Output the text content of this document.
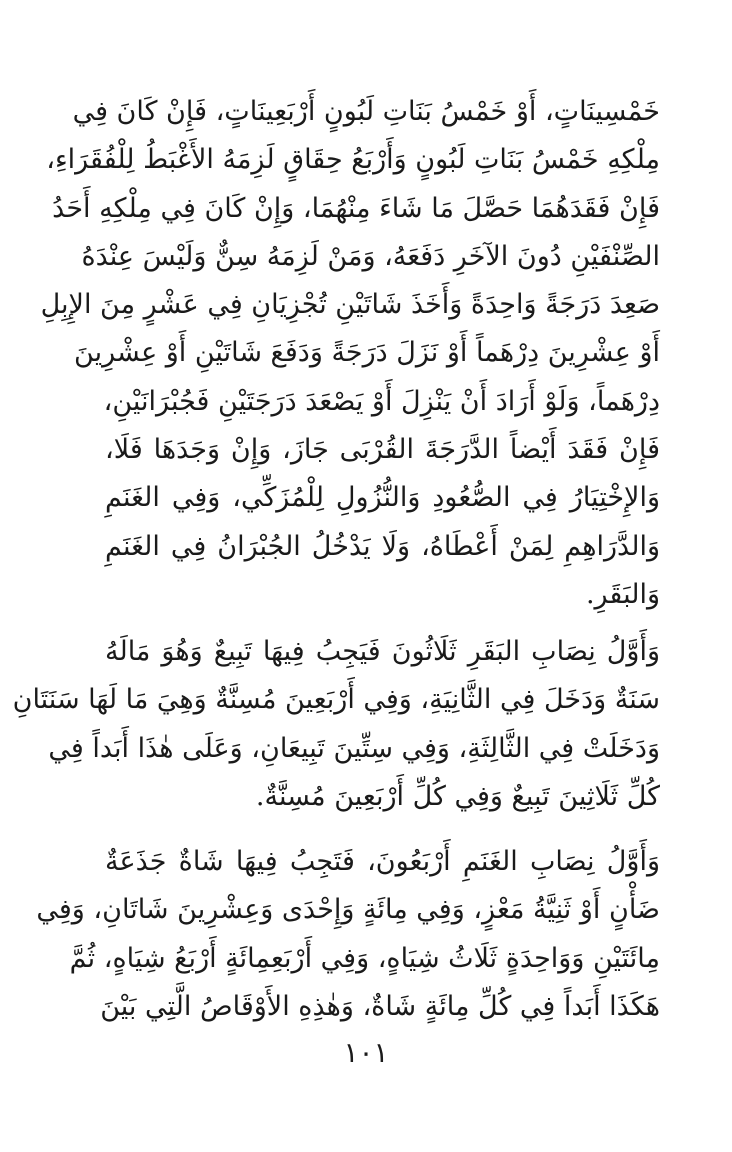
خَمْسِينَاتٍ، أَوْ خَمْسُ بَنَاتِ لَبُونٍ أَرْبَعِينَاتٍ، فَإِنْ كَانَ فِي
مِلْكِهِ خَمْسُ بَنَاتِ لَبُونٍ وَأَرْبَعُ حِقَاقٍ لَزِمَهُ الأَغْبَطُ لِلْفُقَرَاءِ،
فَإِنْ فَقَدَهُمَا حَصَّلَ مَا شَاءَ مِنْهُمَا، وَإِنْ كَانَ فِي مِلْكِهِ أَحَدُ
الصِّنْفَيْنِ دُونَ الآخَرِ دَفَعَهُ، وَمَنْ لَزِمَهُ سِنٌّ وَلَيْسَ عِنْدَهُ
صَعِدَ دَرَجَةً وَاحِدَةً وَأَخَذَ شَاتَيْنِ تُجْزِيَانِ فِي عَشْرٍ مِنَ الإِبِلِ
أَوْ عِشْرِينَ دِرْهَماً أَوْ نَزَلَ دَرَجَةً وَدَفَعَ شَاتَيْنِ أَوْ عِشْرِينَ
دِرْهَماً، وَلَوْ أَرَادَ أَنْ يَنْزِلَ أَوْ يَصْعَدَ دَرَجَتَيْنِ فَجُبْرَانَيْنِ،
فَإِنْ فَقَدَ أَيْضاً الدَّرَجَةَ القُرْبَى جَازَ، وَإِنْ وَجَدَهَا فَلَا،
وَالإِخْتِيَارُ فِي الصُّعُودِ وَالنُّزُولِ لِلْمُزَكِّي، وَفِي الغَنَمِ
وَالدَّرَاهِمِ لِمَنْ أَعْطَاهُ، وَلَا يَدْخُلُ الجُبْرَانُ فِي الغَنَمِ
وَالبَقَرِ.
وَأَوَّلُ نِصَابِ البَقَرِ ثَلَاثُونَ فَيَجِبُ فِيهَا تَبِيعٌ وَهُوَ مَالَهُ
سَنَةٌ وَدَخَلَ فِي الثَّانِيَةِ، وَفِي أَرْبَعِينَ مُسِنَّةٌ وَهِيَ مَا لَهَا سَنَتَانِ
وَدَخَلَتْ فِي الثَّالِثَةِ، وَفِي سِتِّينَ تَبِيعَانِ، وَعَلَى هٰذَا أَبَداً فِي
كُلِّ ثَلَاثِينَ تَبِيعٌ وَفِي كُلِّ أَرْبَعِينَ مُسِنَّةٌ.
وَأَوَّلُ نِصَابِ الغَنَمِ أَرْبَعُونَ، فَتَجِبُ فِيهَا شَاةٌ جَذَعَةٌ
ضَأْنٍ أَوْ ثَنِيَّةُ مَعْزٍ، وَفِي مِائَةٍ وَإِحْدَى وَعِشْرِينَ شَاتَانِ، وَفِي
مِائَتَيْنِ وَوَاحِدَةٍ ثَلَاثُ شِيَاهٍ، وَفِي أَرْبَعِمِائَةٍ أَرْبَعُ شِيَاهٍ، ثُمَّ
هَكَذَا أَبَداً فِي كُلِّ مِائَةٍ شَاةٌ، وَهٰذِهِ الأَوْقَاصُ الَّتِي بَيْنَ
١٠١
